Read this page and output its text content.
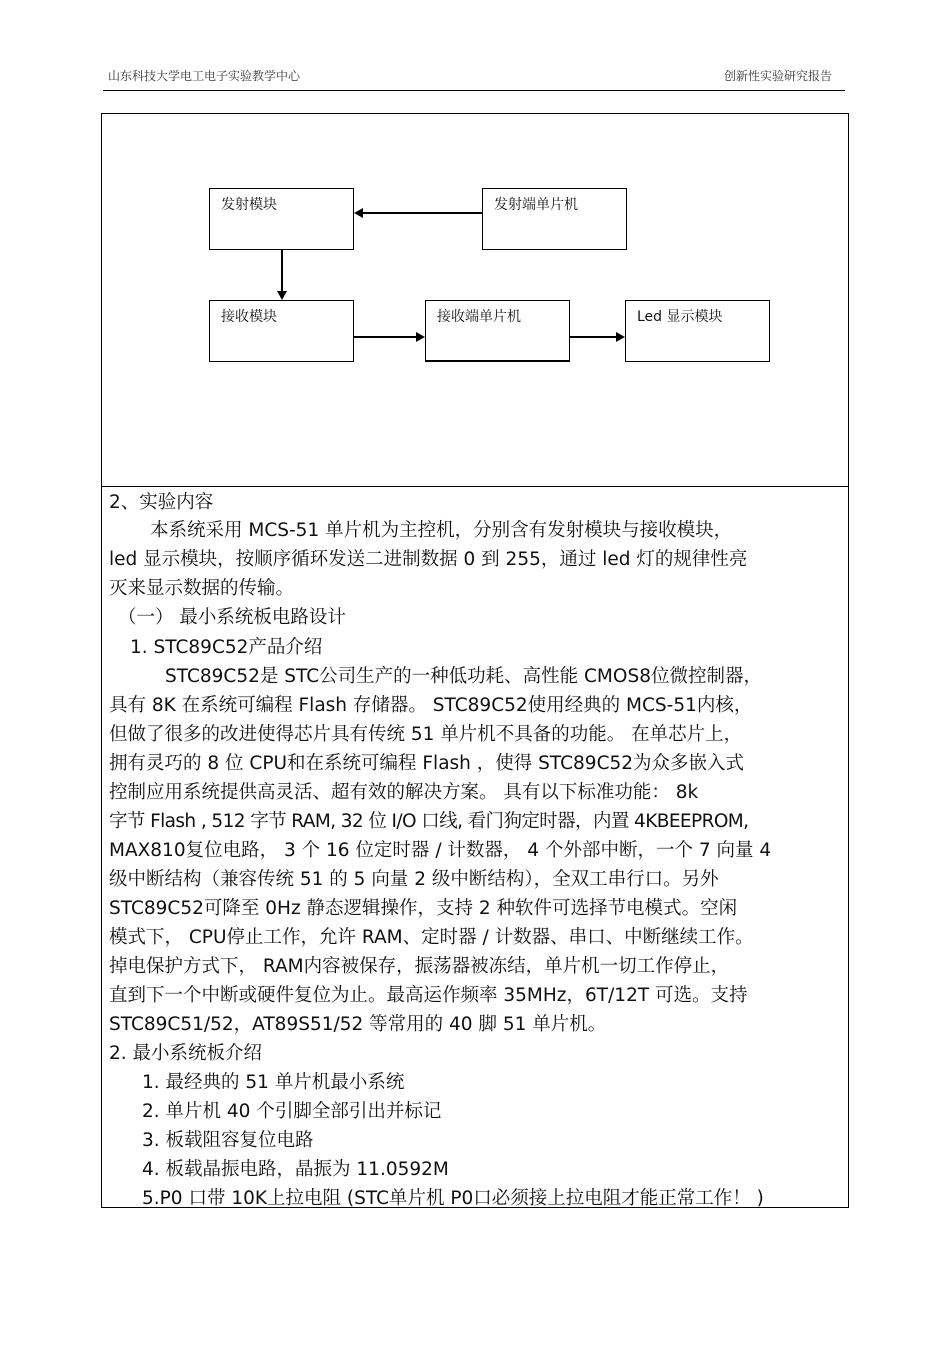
山东科技大学电工电子实验教学中心	创新性实验研究报告
发射模块	发射端单片机
接收模块	接收端单片机	Led 显示模块
2、实验内容
本系统采用 MCS-51 单片机为主控机，分别含有发射模块与接收模块，
led 显示模块，按顺序循环发送二进制数据 0 到 255，通过 led 灯的规律性亮
灭来显示数据的传输。
（一） 最小系统板电路设计
1. STC89C52产品介绍
STC89C52是 STC公司生产的一种低功耗、高性能 CMOS8位微控制器，
具有 8K 在系统可编程 Flash 存储器。 STC89C52使用经典的 MCS-51内核，
但做了很多的改进使得芯片具有传统 51 单片机不具备的功能。 在单芯片上，
拥有灵巧的 8 位 CPU和在系统可编程 Flash ，使得 STC89C52为众多嵌入式
控制应用系统提供高灵活、超有效的解决方案。 具有以下标准功能： 8k
字节 Flash , 512 字节 RAM, 32 位 I/O 口线, 看门狗定时器，内置 4KBEEPROM,
MAX810复位电路， 3 个 16 位定时器 / 计数器， 4 个外部中断，一个 7 向量 4
级中断结构（兼容传统 51 的 5 向量 2 级中断结构），全双工串行口。另外
STC89C52可降至 0Hz 静态逻辑操作，支持 2 种软件可选择节电模式。空闲
模式下， CPU停止工作，允许 RAM、定时器 / 计数器、串口、中断继续工作。
掉电保护方式下， RAM内容被保存，振荡器被冻结，单片机一切工作停止，
直到下一个中断或硬件复位为止。最高运作频率 35MHz，6T/12T 可选。支持
STC89C51/52，AT89S51/52 等常用的 40 脚 51 单片机。
2. 最小系统板介绍
1. 最经典的 51 单片机最小系统
2. 单片机 40 个引脚全部引出并标记
3. 板载阻容复位电路
4. 板载晶振电路，晶振为 11.0592M
5.P0 口带 10K上拉电阻 (STC单片机 P0口必须接上拉电阻才能正常工作！ )
